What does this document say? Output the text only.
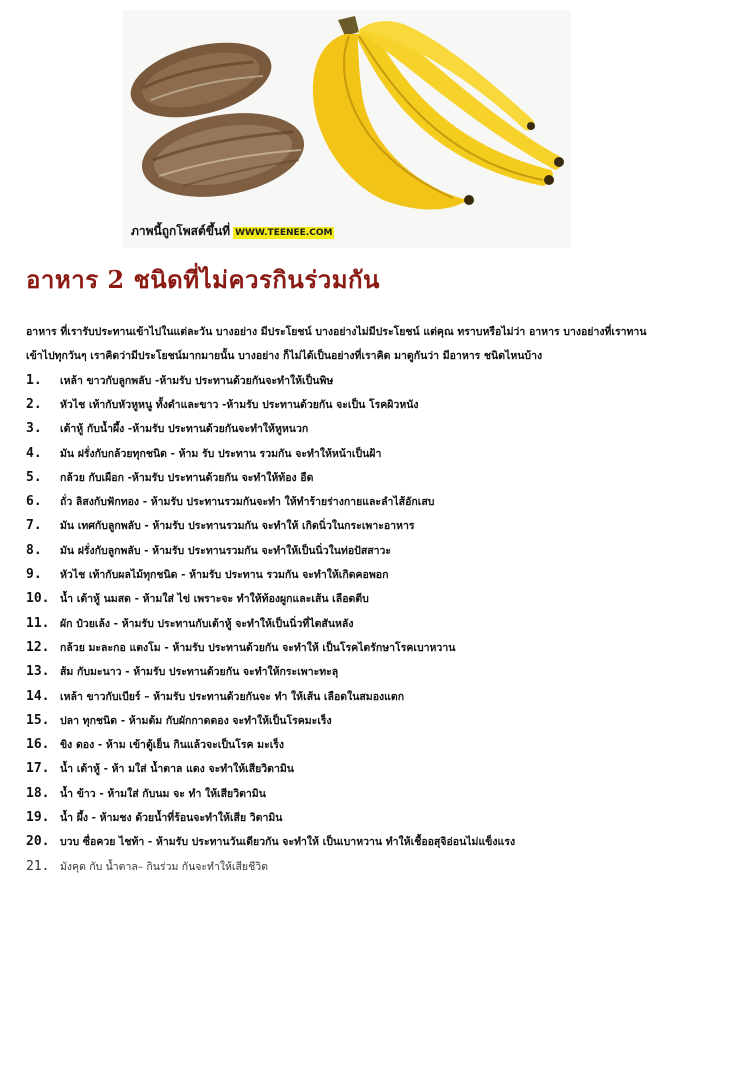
ภาพนี้ถูกโพสต์ขึ้นที่ WWW.TEENEE.COM
อาหาร 2 ชนิดที่ไม่ควรกินร่วมกัน

อาหาร ที่เรารับประทานเข้าไปในแต่ละวัน บางอย่าง มีประโยชน์ บางอย่างไม่มีประโยชน์ แต่คุณ ทราบหรือไม่ว่า อาหาร บางอย่างที่เราทาน

เข้าไปทุกวันๆ เราคิดว่ามีประโยชน์มากมายนั้น บางอย่าง ก็ไม่ได้เป็นอย่างที่เราคิด มาดูกันว่า มีอาหาร ชนิดไหนบ้าง

1.	เหล้า ขาวกับลูกพลับ -ห้ามรับ ประทานด้วยกันจะทำให้เป็นพิษ
2.	หัวไช เท้ากับหัวหูหนู ทั้งดำและขาว -ห้ามรับ ประทานด้วยกัน จะเป็น โรคผิวหนัง
3.	เต้าหู้ กับน้ำผึ้ง -ห้ามรับ ประทานด้วยกันจะทำให้หูหนวก
4.	มัน ฝรั่งกับกล้วยทุกชนิด - ห้าม รับ ประทาน รวมกัน จะทำให้หน้าเป็นฝ้า
5.	กล้วย กับเผือก -ห้ามรับ ประทานด้วยกัน จะทำให้ท้อง อืด
6.	ถั่ว ลิสงกับฟักทอง - ห้ามรับ ประทานรวมกันจะทำ ให้ทำร้ายร่างกายและลำไส้อักเสบ
7.	มัน เทศกับลูกพลับ - ห้ามรับ ประทานรวมกัน จะทำให้ เกิดนิ่วในกระเพาะอาหาร
8.	มัน ฝรั่งกับลูกพลับ - ห้ามรับ ประทานรวมกัน จะทำให้เป็นนิ่วในท่อปัสสาวะ
9.	หัวไช เท้ากับผลไม้ทุกชนิด - ห้ามรับ ประทาน รวมกัน จะทำให้เกิดคอพอก
10.	น้ำ เต้าหู้ นมสด - ห้ามใส่ ไข่ เพราะจะ ทำให้ท้องผูกและเส้น เลือดตีบ
11.	ผัก ป๋วยเล้ง - ห้ามรับ ประทานกับเต้าหู้ จะทำให้เป็นนิ่วที่ไตสันหลัง
12.	กล้วย มะละกอ แตงโม - ห้ามรับ ประทานด้วยกัน จะทำให้ เป็นโรคไตรักษาโรคเบาหวาน
13.	ส้ม กับมะนาว - ห้ามรับ ประทานด้วยกัน จะทำให้กระเพาะทะลุ
14.	เหล้า ขาวกับเบียร์ – ห้ามรับ ประทานด้วยกันจะ ทำ ให้เส้น เลือดในสมองแตก
15.	ปลา ทุกชนิด - ห้ามต้ม กับผักกาดดอง จะทำให้เป็นโรคมะเร็ง
16.	ขิง ดอง - ห้าม เข้าตู้เย็น กินแล้วจะเป็นโรค มะเร็ง
17.	น้ำ เต้าหู้ - ห้า มใส่ น้ำตาล แดง จะทำให้เสียวิตามิน
18.	น้ำ ข้าว - ห้ามใส่ กับนม จะ ทำ ให้เสียวิตามิน
19.	น้ำ ผึ้ง - ห้ามชง ด้วยน้ำที่ร้อนจะทำให้เสีย วิตามิน
20.	บวบ ซื่อควย ไชท้า - ห้ามรับ ประทานวันเดียวกัน จะทำให้ เป็นเบาหวาน ทำให้เชื้ออสุจิอ่อนไม่แข็งแรง
21.	มังคุด กับ น้ำตาล– กินร่วม กันจะทำให้เสียชีวิต
